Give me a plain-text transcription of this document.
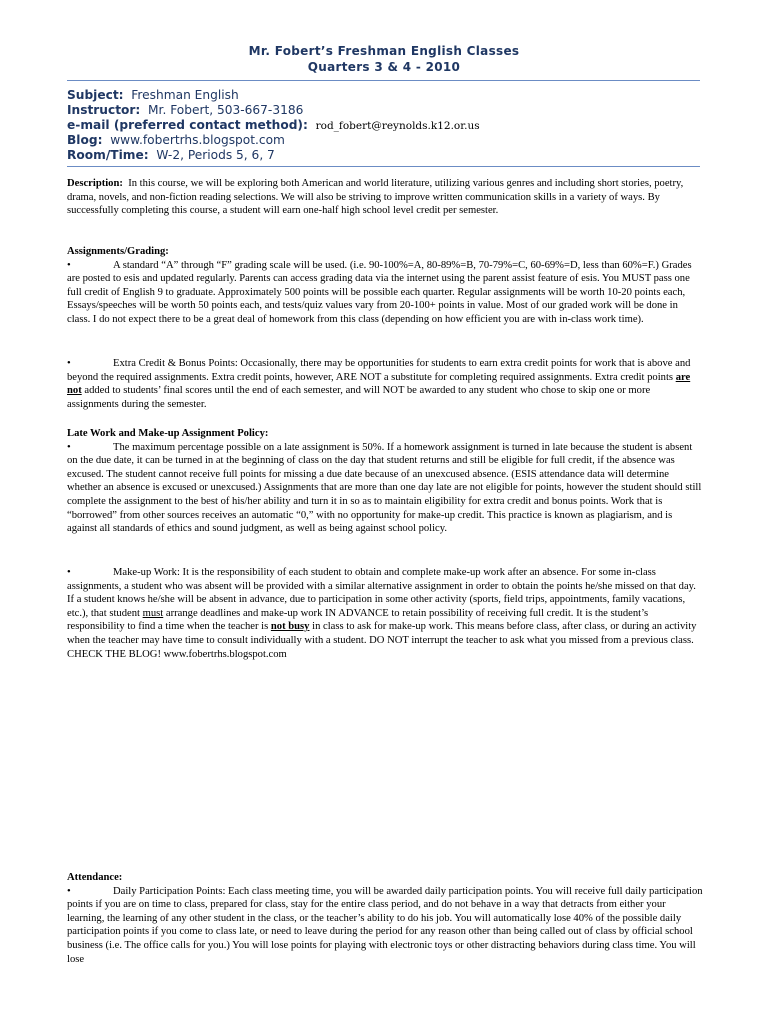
Mr. Fobert’s Freshman English Classes
Quarters 3 & 4 - 2010
Subject: Freshman English
Instructor: Mr. Fobert, 503-667-3186
e-mail (preferred contact method): rod_fobert@reynolds.k12.or.us
Blog: www.fobertrhs.blogspot.com
Room/Time: W-2, Periods 5, 6, 7

Description: In this course, we will be exploring both American and world literature, utilizing various genres and including short stories, poetry, drama, novels, and non-fiction reading selections. We will also be striving to improve written communication skills in a variety of ways. By successfully completing this course, a student will earn one-half high school level credit per semester.

Assignments/Grading:

•	A standard “A” through “F” grading scale will be used. (i.e. 90-100%=A, 80-89%=B, 70-79%=C, 60-69%=D, less than 60%=F.) Grades are posted to esis and updated regularly. Parents can access grading data via the internet using the parent assist feature of esis. You MUST pass one full credit of English 9 to graduate. Approximately 500 points will be possible each quarter. Regular assignments will be worth 10-20 points each, Essays/speeches will be worth 50 points each, and tests/quiz values vary from 20-100+ points in value. Most of our graded work will be done in class. I do not expect there to be a great deal of homework from this class (depending on how efficient you are with in-class work time).

•	Extra Credit & Bonus Points: Occasionally, there may be opportunities for students to earn extra credit points for work that is above and beyond the required assignments. Extra credit points, however, ARE NOT a substitute for completing required assignments. Extra credit points are not added to students’ final scores until the end of each semester, and will NOT be awarded to any student who chose to skip one or more assignments during the semester.

Late Work and Make-up Assignment Policy:

•	The maximum percentage possible on a late assignment is 50%. If a homework assignment is turned in late because the student is absent on the due date, it can be turned in at the beginning of class on the day that student returns and still be eligible for full credit, if the absence was excused. The student cannot receive full points for missing a due date because of an unexcused absence. (ESIS attendance data will determine whether an absence is excused or unexcused.) Assignments that are more than one day late are not eligible for points, however the student should still complete the assignment to the best of his/her ability and turn it in so as to maintain eligibility for extra credit and bonus points. Work that is “borrowed” from other sources receives an automatic “0,” with no opportunity for make-up credit. This practice is known as plagiarism, and is against all standards of ethics and sound judgment, as well as being against school policy.

•	Make-up Work: It is the responsibility of each student to obtain and complete make-up work after an absence. For some in-class assignments, a student who was absent will be provided with a similar alternative assignment in order to obtain the points he/she missed on that day. If a student knows he/she will be absent in advance, due to participation in some other activity (sports, field trips, appointments, family vacations, etc.), that student must arrange deadlines and make-up work IN ADVANCE to retain possibility of receiving full credit. It is the student’s responsibility to find a time when the teacher is not busy in class to ask for make-up work. This means before class, after class, or during an activity when the teacher may have time to consult individually with a student. DO NOT interrupt the teacher to ask what you missed from a previous class. CHECK THE BLOG! www.fobertrhs.blogspot.com

Attendance:

•	Daily Participation Points: Each class meeting time, you will be awarded daily participation points. You will receive full daily participation points if you are on time to class, prepared for class, stay for the entire class period, and do not behave in a way that detracts from either your learning, the learning of any other student in the class, or the teacher’s ability to do his job. You will automatically lose 40% of the possible daily participation points if you come to class late, or need to leave during the period for any reason other than being called out of class by official school business (i.e. The office calls for you.) You will lose points for playing with electronic toys or other distracting behaviors during class time. You will lose
